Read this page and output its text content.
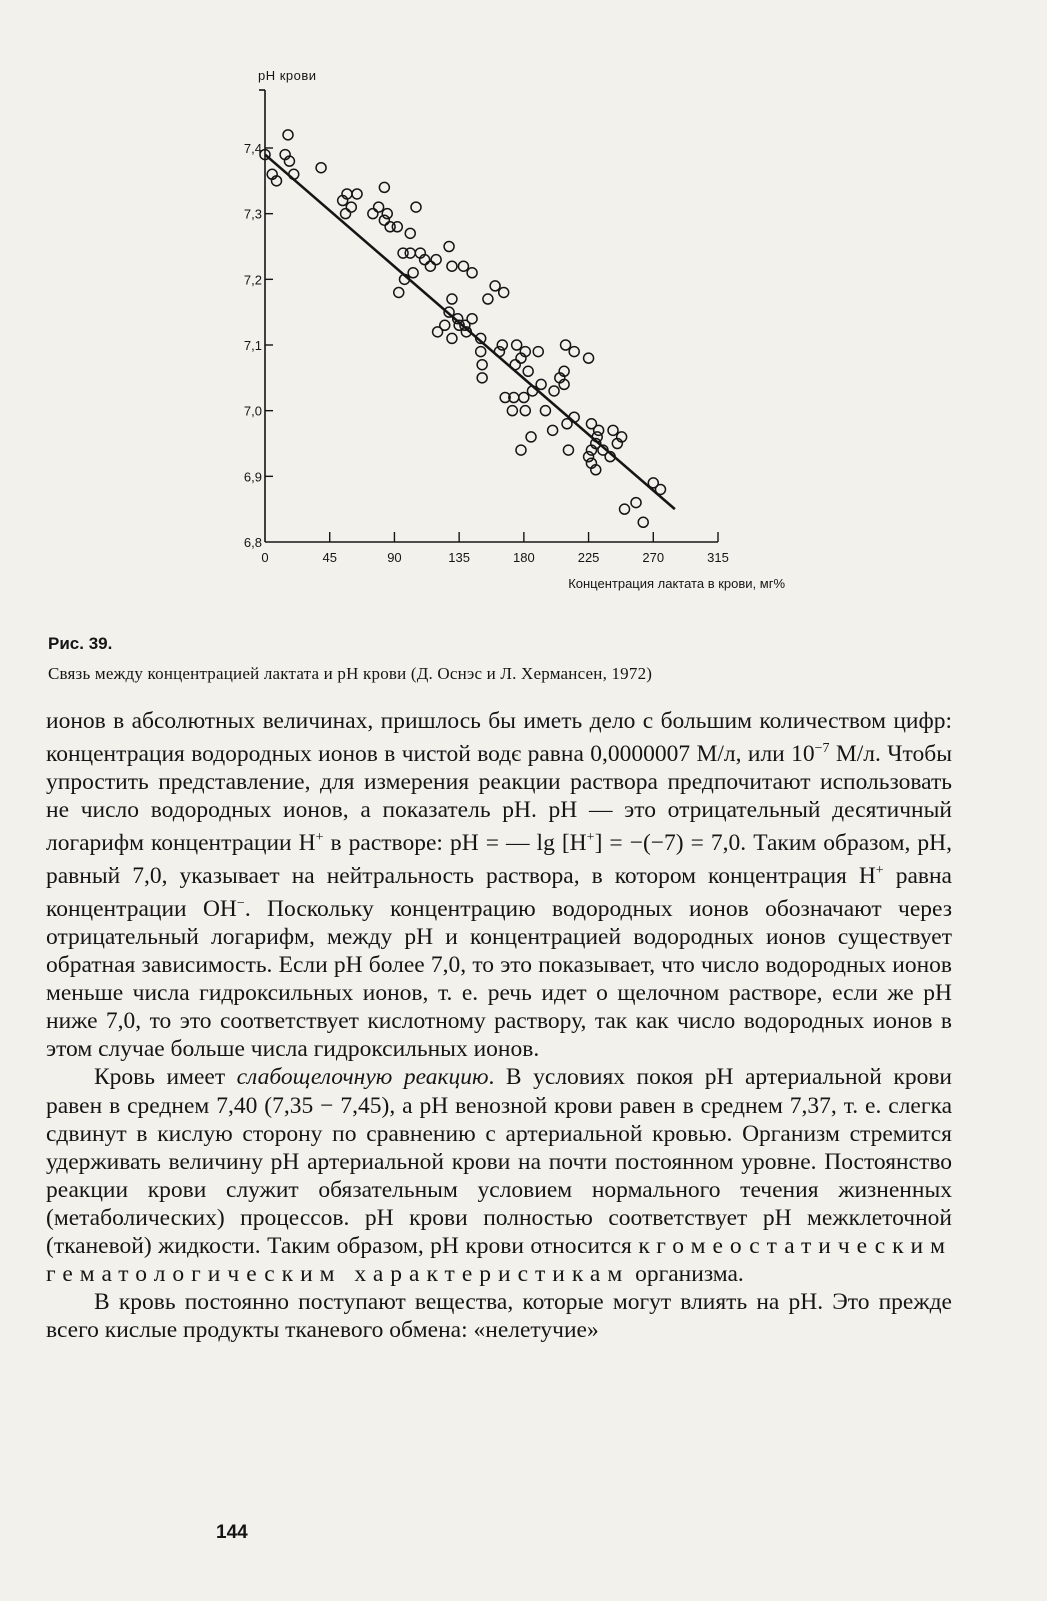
0	45	90	135	180	225	270	315
6,8
6,9
7,0
7,1
7,2
7,3
7,4
pH крови
Концентрация лактата в крови, мг%
Рис. 39.
Связь между концентрацией лактата и pH крови (Д. Оснэс и Л. Хермансен, 1972)

ионов в абсолютных величинах, пришлось бы иметь дело с большим количеством цифр: концентрация водородных ионов в чистой водє равна 0,0000007 М/л, или $10^{-7}$ М/л. Чтобы упростить представление, для измерения реакции раствора предпочитают использовать не число водородных ионов, а показатель pH. pH — это отрицательный десятичный логарифм концентрации H+ в растворе: pH = — lg [H+] = −(−7) = 7,0. Таким образом, pH, равный 7,0, указывает на нейтральность раствора, в котором концентрация H+ равна концентрации OH−. Поскольку концентрацию водородных ионов обозначают через отрицательный логарифм, между pH и концентрацией водородных ионов существует обратная зависимость. Если pH более 7,0, то это показывает, что число водородных ионов меньше числа гидроксильных ионов, т. е. речь идет о щелочном растворе, если же pH ниже 7,0, то это соответствует кислотному раствору, так как число водородных ионов в этом случае больше числа гидроксильных ионов.

Кровь имеет слабощелочную реакцию. В условиях покоя pH артериальной крови равен в среднем 7,40 (7,35 − 7,45), а pH венозной крови равен в среднем 7,37, т. е. слегка сдвинут в кислую сторону по сравнению с артериальной кровью. Организм стремится удерживать величину pH артериальной крови на почти постоянном уровне. Постоянство реакции крови служит обязательным условием нормального течения жизненных (метаболических) процессов. pH крови полностью соответствует pH межклеточной (тканевой) жидкости. Таким образом, pH крови относится к гомеостатическим гематологическим характеристикам организма.

В кровь постоянно поступают вещества, которые могут влиять на pH. Это прежде всего кислые продукты тканевого обмена: «нелетучие»

144
